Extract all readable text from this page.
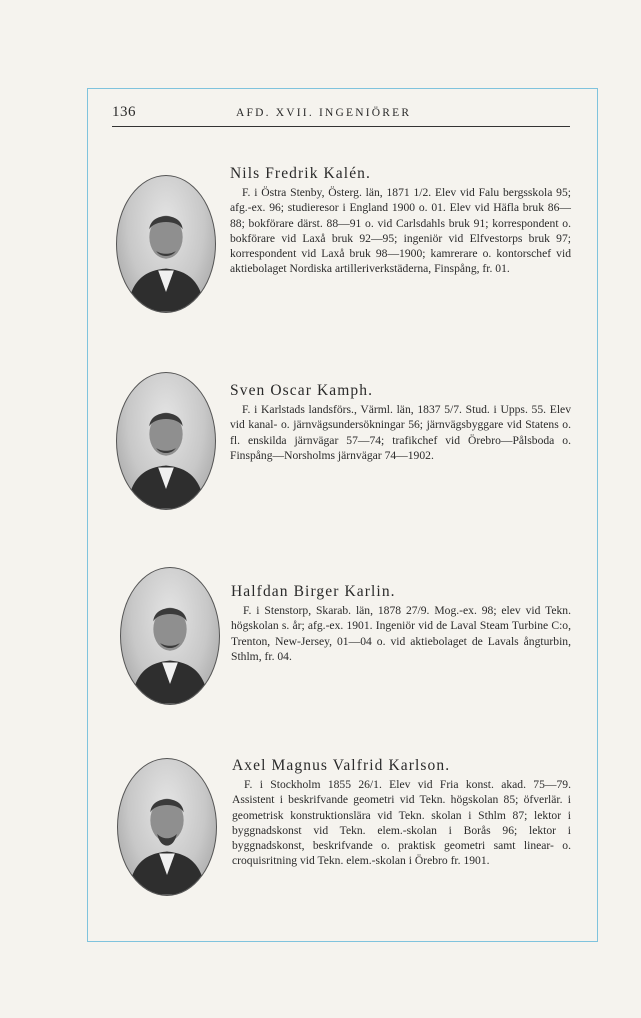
136	AFD. XVII. INGENIÖRER
Nils Fredrik Kalén.
F. i Östra Stenby, Österg. län, 1871 1/2. Elev vid Falu bergsskola 95; afg.-ex. 96; studieresor i England 1900 o. 01. Elev vid Häfla bruk 86—88; bokförare därst. 88—91 o. vid Carlsdahls bruk 91; korrespondent o. bokförare vid Laxå bruk 92—95; ingeniör vid Elfvestorps bruk 97; korrespondent vid Laxå bruk 98—1900; kamrerare o. kontorschef vid aktiebolaget Nordiska artilleriverkstäderna, Finspång, fr. 01.
Sven Oscar Kamph.
F. i Karlstads landsförs., Värml. län, 1837 5/7. Stud. i Upps. 55. Elev vid kanal- o. järnvägsundersökningar 56; järnvägsbyggare vid Statens o. fl. enskilda järnvägar 57—74; trafikchef vid Örebro—Pålsboda o. Finspång—Norsholms järnvägar 74—1902.
Halfdan Birger Karlin.
F. i Stenstorp, Skarab. län, 1878 27/9. Mog.-ex. 98; elev vid Tekn. högskolan s. år; afg.-ex. 1901. Ingeniör vid de Laval Steam Turbine C:o, Trenton, New-Jersey, 01—04 o. vid aktiebolaget de Lavals ångturbin, Sthlm, fr. 04.
Axel Magnus Valfrid Karlson.
F. i Stockholm 1855 26/1. Elev vid Fria konst. akad. 75—79. Assistent i beskrifvande geometri vid Tekn. högskolan 85; öfverlär. i geometrisk konstruktionslära vid Tekn. skolan i Sthlm 87; lektor i byggnadskonst vid Tekn. elem.-skolan i Borås 96; lektor i byggnadskonst, beskrifvande o. praktisk geometri samt linear- o. croquisritning vid Tekn. elem.-skolan i Örebro fr. 1901.
